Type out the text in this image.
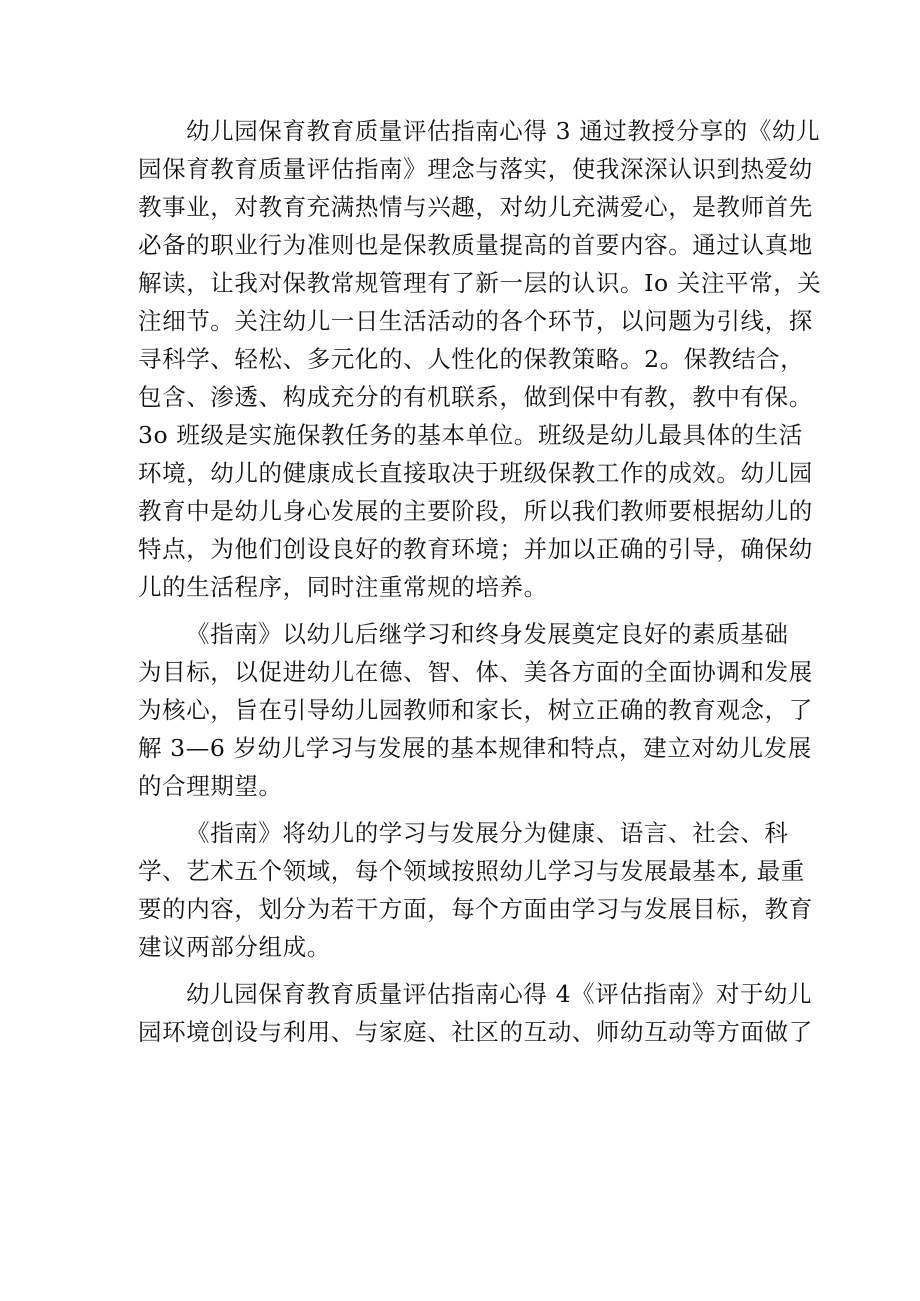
幼儿园保育教育质量评估指南心得 3 通过教授分享的《幼儿
园保育教育质量评估指南》理念与落实，使我深深认识到热爱幼
教事业，对教育充满热情与兴趣，对幼儿充满爱心，是教师首先
必备的职业行为准则也是保教质量提高的首要内容。通过认真地
解读，让我对保教常规管理有了新一层的认识。Io 关注平常，关
注细节。关注幼儿一日生活活动的各个环节，以问题为引线，探
寻科学、轻松、多元化的、人性化的保教策略。2。保教结合，
包含、渗透、构成充分的有机联系，做到保中有教，教中有保。
3o 班级是实施保教任务的基本单位。班级是幼儿最具体的生活
环境，幼儿的健康成长直接取决于班级保教工作的成效。幼儿园
教育中是幼儿身心发展的主要阶段，所以我们教师要根据幼儿的
特点，为他们创设良好的教育环境；并加以正确的引导，确保幼
儿的生活程序，同时注重常规的培养。
《指南》以幼儿后继学习和终身发展奠定良好的素质基础
为目标，以促进幼儿在德、智、体、美各方面的全面协调和发展
为核心，旨在引导幼儿园教师和家长，树立正确的教育观念，了
解 3—6 岁幼儿学习与发展的基本规律和特点，建立对幼儿发展
的合理期望。
《指南》将幼儿的学习与发展分为健康、语言、社会、科
学、艺术五个领域，每个领域按照幼儿学习与发展最基本, 最重
要的内容，划分为若干方面，每个方面由学习与发展目标，教育
建议两部分组成。
幼儿园保育教育质量评估指南心得 4《评估指南》对于幼儿
园环境创设与利用、与家庭、社区的互动、师幼互动等方面做了
